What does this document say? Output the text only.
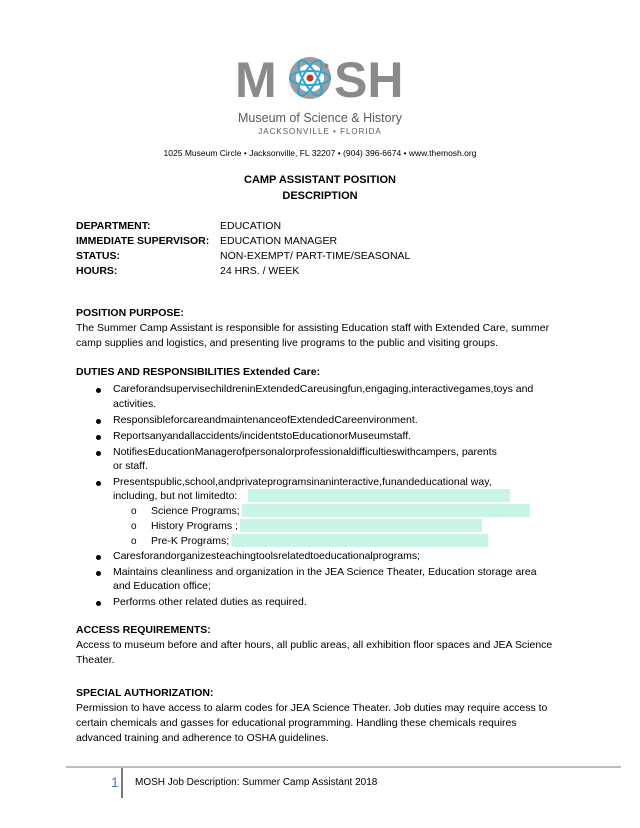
M SH
Museum of Science & History
JACKSONVILLE • FLORIDA
1025 Museum Circle • Jacksonville, FL 32207 • (904) 396-6674 • www.themosh.org
CAMP ASSISTANT POSITION
DESCRIPTION
DEPARTMENT:	EDUCATION
IMMEDIATE SUPERVISOR: EDUCATION MANAGER
STATUS:	NON-EXEMPT/ PART-TIME/SEASONAL
HOURS:	24 HRS. / WEEK
POSITION PURPOSE:
The Summer Camp Assistant is responsible for assisting Education staff with Extended Care, summer
camp supplies and logistics, and presenting live programs to the public and visiting groups.
DUTIES AND RESPONSIBILITIES Extended Care:
CareforandsupervisechildreninExtendedCareusingfun,engaging,interactivegames,toys and
activities.
ResponsibleforcareandmaintenanceofExtendedCareenvironment.
Reportsanyandallaccidents/incidentstoEducationorMuseumstaff.
NotifiesEducationManagerofpersonalorprofessionaldifficultieswithcampers, parents
or staff.
Presentspublic,school,andprivateprogramsinaninteractive,funandeducational way,
including, but not limitedto:
o Science Programs;
o History Programs ;
o Pre-K Programs;
Caresforandorganizesteachingtoolsrelatedtoeducationalprograms;
Maintains cleanliness and organization in the JEA Science Theater, Education storage area
and Education office;
Performs other related duties as required.
ACCESS REQUIREMENTS:
Access to museum before and after hours, all public areas, all exhibition floor spaces and JEA Science
Theater.
SPECIAL AUTHORIZATION:
Permission to have access to alarm codes for JEA Science Theater. Job duties may require access to
certain chemicals and gasses for educational programming. Handling these chemicals requires
advanced training and adherence to OSHA guidelines.
1 MOSH Job Description: Summer Camp Assistant 2018
